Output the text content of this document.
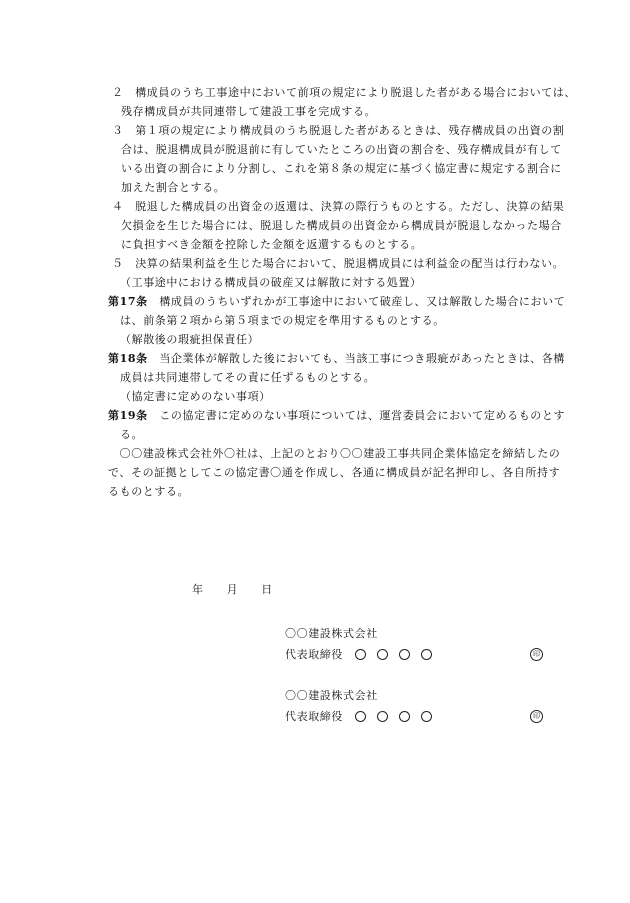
２　構成員のうち工事途中において前項の規定により脱退した者がある場合においては、
残存構成員が共同連帯して建設工事を完成する。
３　第１項の規定により構成員のうち脱退した者があるときは、残存構成員の出資の割
合は、脱退構成員が脱退前に有していたところの出資の割合を、残存構成員が有して
いる出資の割合により分割し、これを第８条の規定に基づく協定書に規定する割合に
加えた割合とする。
４　脱退した構成員の出資金の返還は、決算の際行うものとする。ただし、決算の結果
欠損金を生じた場合には、脱退した構成員の出資金から構成員が脱退しなかった場合
に負担すべき金額を控除した金額を返還するものとする。
５　決算の結果利益を生じた場合において、脱退構成員には利益金の配当は行わない。
（工事途中における構成員の破産又は解散に対する処置）
第17条　構成員のうちいずれかが工事途中において破産し、又は解散した場合において
は、前条第２項から第５項までの規定を準用するものとする。
（解散後の瑕疵担保責任）
第18条　当企業体が解散した後においても、当該工事につき瑕疵があったときは、各構
成員は共同連帯してその責に任ずるものとする。
（協定書に定めのない事項）
第19条　この協定書に定めのない事項については、運営委員会において定めるものとす
る。
　〇〇建設株式会社外〇社は、上記のとおり〇〇建設工事共同企業体協定を締結したの
で、その証拠としてこの協定書〇通を作成し、各通に構成員が記名押印し、各自所持す
るものとする。
年 月 日
〇〇建設株式会社
代表取締役	印
〇〇建設株式会社
代表取締役	印
